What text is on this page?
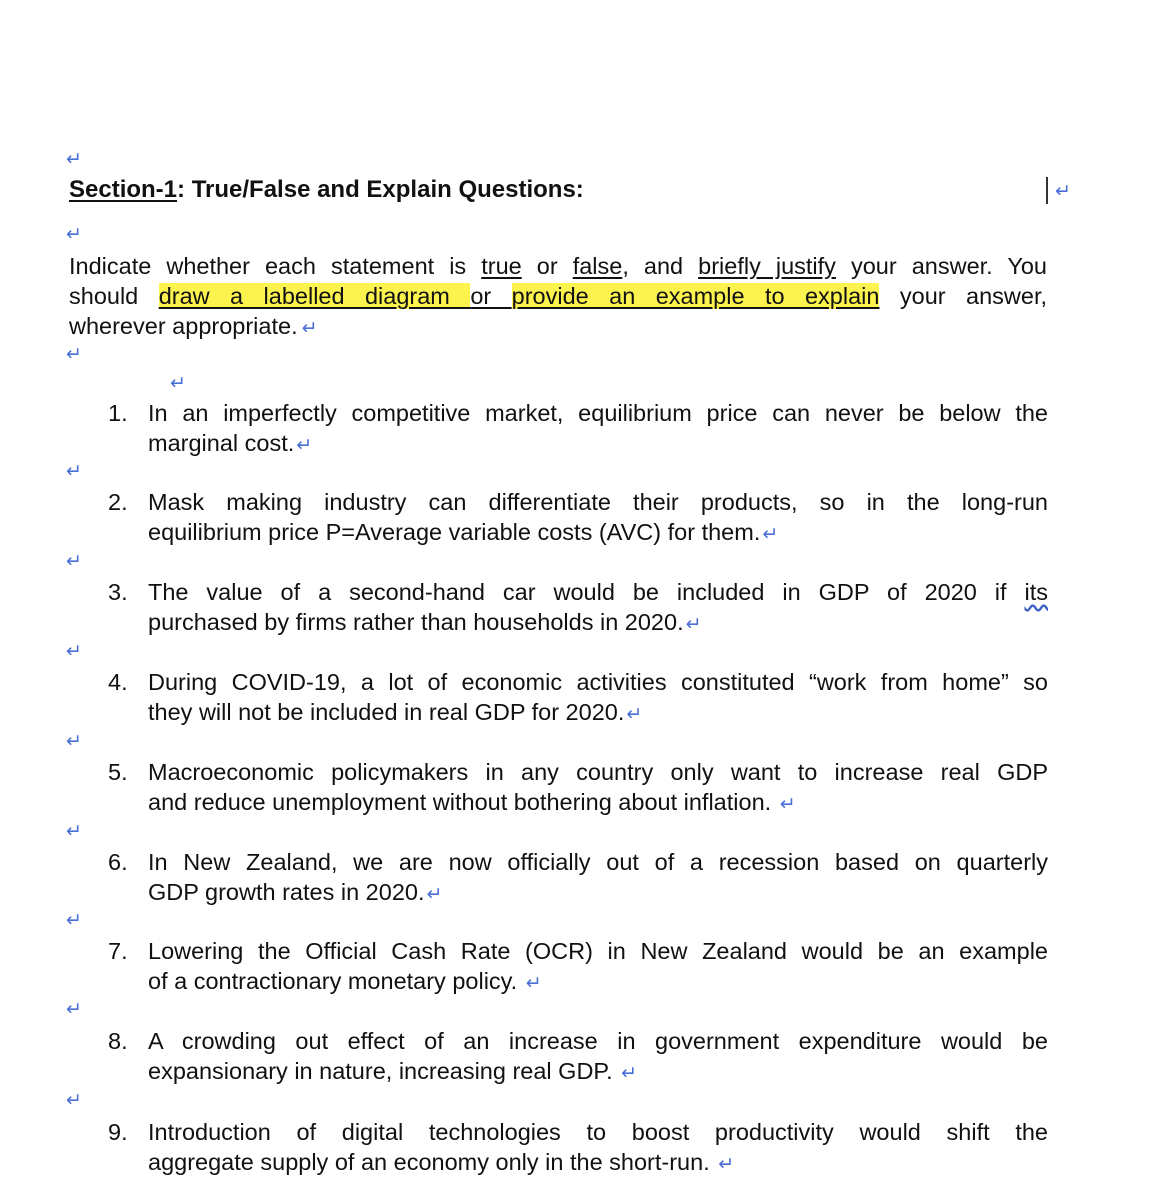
↵
Section-1: True/False and Explain Questions:	↵
↵
Indicate whether each statement is true or false, and briefly justify your answer. You
should draw a labelled diagram or provide an example to explain your answer,
wherever appropriate. ↵
↵
↵
1. In an imperfectly competitive market, equilibrium price can never be below the
marginal cost. ↵
↵
2. Mask making industry can differentiate their products, so in the long-run
equilibrium price P=Average variable costs (AVC) for them. ↵
↵
3. The value of a second-hand car would be included in GDP of 2020 if its
purchased by firms rather than households in 2020. ↵
↵
4. During COVID-19, a lot of economic activities constituted “work from home” so
they will not be included in real GDP for 2020. ↵
↵
5. Macroeconomic policymakers in any country only want to increase real GDP
and reduce unemployment without bothering about inflation. ↵
↵
6. In New Zealand, we are now officially out of a recession based on quarterly
GDP growth rates in 2020. ↵
↵
7. Lowering the Official Cash Rate (OCR) in New Zealand would be an example
of a contractionary monetary policy. ↵
↵
8. A crowding out effect of an increase in government expenditure would be
expansionary in nature, increasing real GDP. ↵
↵
9. Introduction of digital technologies to boost productivity would shift the
aggregate supply of an economy only in the short-run. ↵
